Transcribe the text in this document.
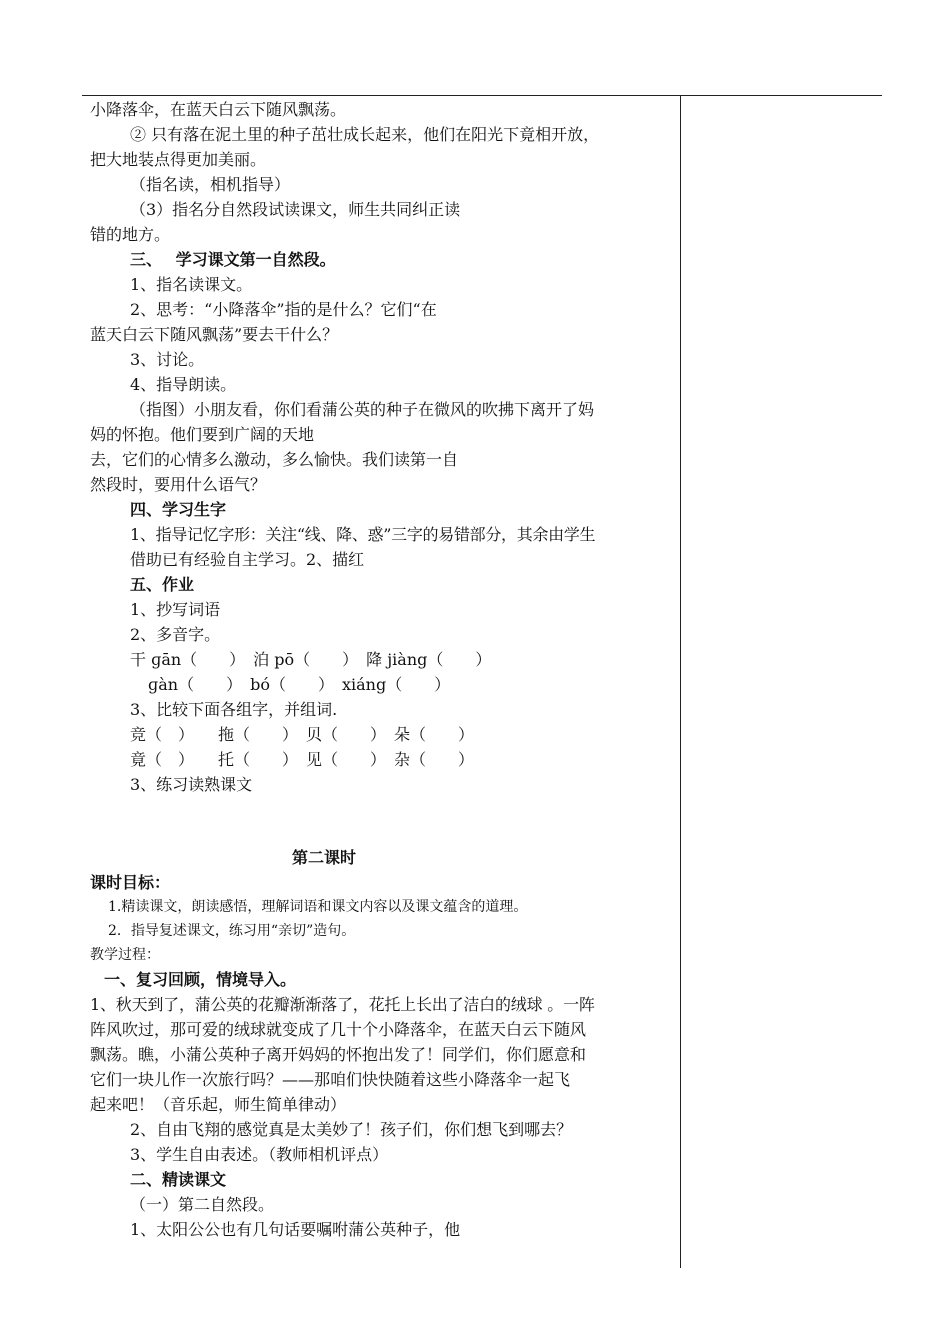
小降落伞，在蓝天白云下随风飘荡。
② 只有落在泥土里的种子茁壮成长起来，他们在阳光下竟相开放，
把大地装点得更加美丽。
（指名读，相机指导）
（3）指名分自然段试读课文，师生共同纠正读
错的地方。
三、　 学习课文第一自然段。
1、指名读课文。
2、思考：“小降落伞”指的是什么？它们“在
蓝天白云下随风飘荡”要去干什么？
3、讨论。
4、指导朗读。
（指图）小朋友看，你们看蒲公英的种子在微风的吹拂下离开了妈
妈的怀抱。他们要到广阔的天地
去，它们的心情多么激动，多么愉快。我们读第一自
然段时，要用什么语气？
四、学习生字
1、指导记忆字形：关注“线、降、惑”三字的易错部分，其余由学生
借助已有经验自主学习。2、描红
五、作业
1、抄写词语
2、多音字。
干 ɡān（　　）　泊 pō（　　）　降 jiàng（　　）
ɡàn（　　）　bó（　　）　xiáng（　　）
3、比较下面各组字，并组词.
竞（　）　　拖（　　）　贝（　　）　朵（　　）
竟（　）　　托（　　）　见（　　）　杂（　　）
3、练习读熟课文
第二课时
课时目标：
1.精读课文，朗读感悟，理解词语和课文内容以及课文蕴含的道理。
2．指导复述课文，练习用“亲切”造句。
教学过程：
一、复习回顾，情境导入。
1、秋天到了，蒲公英的花瓣渐渐落了，花托上长出了洁白的绒球 。一阵
阵风吹过，那可爱的绒球就变成了几十个小降落伞，在蓝天白云下随风
飘荡。瞧，小蒲公英种子离开妈妈的怀抱出发了！同学们，你们愿意和
它们一块儿作一次旅行吗？——那咱们快快随着这些小降落伞一起飞
起来吧！（音乐起，师生简单律动）
2、自由飞翔的感觉真是太美妙了！孩子们，你们想飞到哪去？
3、学生自由表述。（教师相机评点）
二、精读课文
（一）第二自然段。
1、太阳公公也有几句话要嘱咐蒲公英种子，他
